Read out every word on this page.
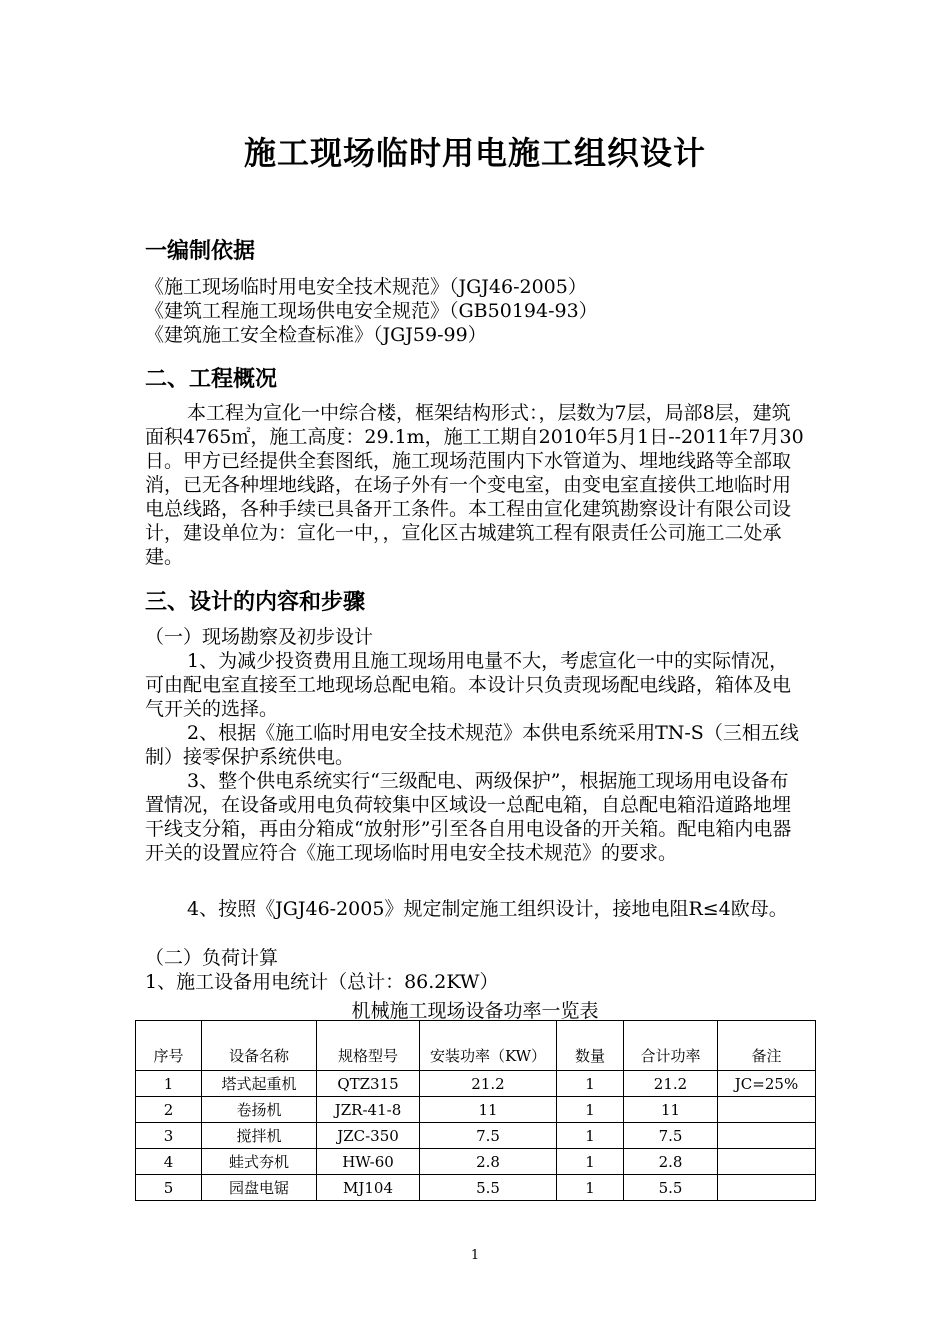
施工现场临时用电施工组织设计
一编制依据
《施工现场临时用电安全技术规范》（JGJ46-2005）
《建筑工程施工现场供电安全规范》（GB50194-93）
《建筑施工安全检查标准》（JGJ59-99）
二、工程概况
本工程为宣化一中综合楼，框架结构形式：，层数为7层，局部8层，建筑面积4765㎡，施工高度：29.1m，施工工期自2010年5月1日--2011年7月30日。甲方已经提供全套图纸，施工现场范围内下水管道为、埋地线路等全部取消，已无各种埋地线路，在场子外有一个变电室，由变电室直接供工地临时用电总线路，各种手续已具备开工条件。本工程由宣化建筑勘察设计有限公司设计，建设单位为：宣化一中，，宣化区古城建筑工程有限责任公司施工二处承建。
三、设计的内容和步骤
（一）现场勘察及初步设计
1、为减少投资费用且施工现场用电量不大，考虑宣化一中的实际情况，可由配电室直接至工地现场总配电箱。本设计只负责现场配电线路，箱体及电气开关的选择。
2、根据《施工临时用电安全技术规范》本供电系统采用TN-S（三相五线制）接零保护系统供电。
3、整个供电系统实行“三级配电、两级保护”，根据施工现场用电设备布置情况，在设备或用电负荷较集中区域设一总配电箱，自总配电箱沿道路地埋干线支分箱，再由分箱成“放射形”引至各自用电设备的开关箱。配电箱内电器开关的设置应符合《施工现场临时用电安全技术规范》的要求。
4、按照《JGJ46-2005》规定制定施工组织设计，接地电阻R≤4欧母。
（二）负荷计算
1、施工设备用电统计（总计：86.2KW）
机械施工现场设备功率一览表
序号	设备名称	规格型号	安装功率（KW）	数量	合计功率	备注
1	塔式起重机	QTZ315	21.2	1	21.2	JC=25%
2	卷扬机	JZR-41-8	11	1	11	
3	搅拌机	JZC-350	7.5	1	7.5	
4	蛙式夯机	HW-60	2.8	1	2.8	
5	园盘电锯	MJ104	5.5	1	5.5	
1
